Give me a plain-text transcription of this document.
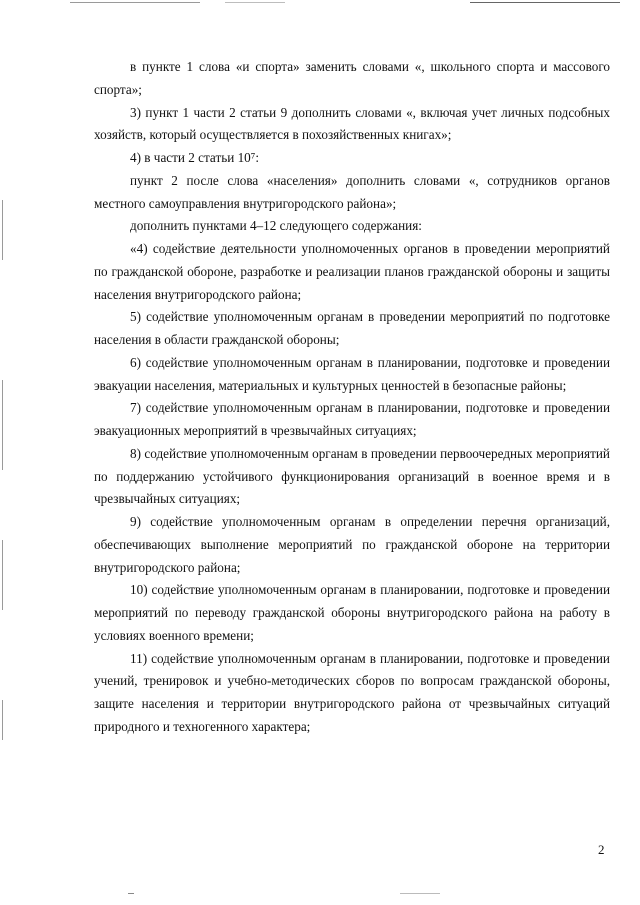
в пункте 1 слова «и спорта» заменить словами «, школьного спорта и массового спорта»;

3) пункт 1 части 2 статьи 9 дополнить словами «, включая учет личных подсобных хозяйств, который осуществляется в похозяйственных книгах»;

4) в части 2 статьи 10⁷:

пункт 2 после слова «населения» дополнить словами «, сотрудников органов местного самоуправления внутригородского района»;

дополнить пунктами 4–12 следующего содержания:

«4) содействие деятельности уполномоченных органов в проведении мероприятий по гражданской обороне, разработке и реализации планов гражданской обороны и защиты населения внутригородского района;

5) содействие уполномоченным органам в проведении мероприятий по подготовке населения в области гражданской обороны;

6) содействие уполномоченным органам в планировании, подготовке и проведении эвакуации населения, материальных и культурных ценностей в безопасные районы;

7) содействие уполномоченным органам в планировании, подготовке и проведении эвакуационных мероприятий в чрезвычайных ситуациях;

8) содействие уполномоченным органам в проведении первоочередных мероприятий по поддержанию устойчивого функционирования организаций в военное время и в чрезвычайных ситуациях;

9) содействие уполномоченным органам в определении перечня организаций, обеспечивающих выполнение мероприятий по гражданской обороне на территории внутригородского района;

10) содействие уполномоченным органам в планировании, подготовке и проведении мероприятий по переводу гражданской обороны внутригородского района на работу в условиях военного времени;

11) содействие уполномоченным органам в планировании, подготовке и проведении учений, тренировок и учебно-методических сборов по вопросам гражданской обороны, защите населения и территории внутригородского района от чрезвычайных ситуаций природного и техногенного характера;

2
